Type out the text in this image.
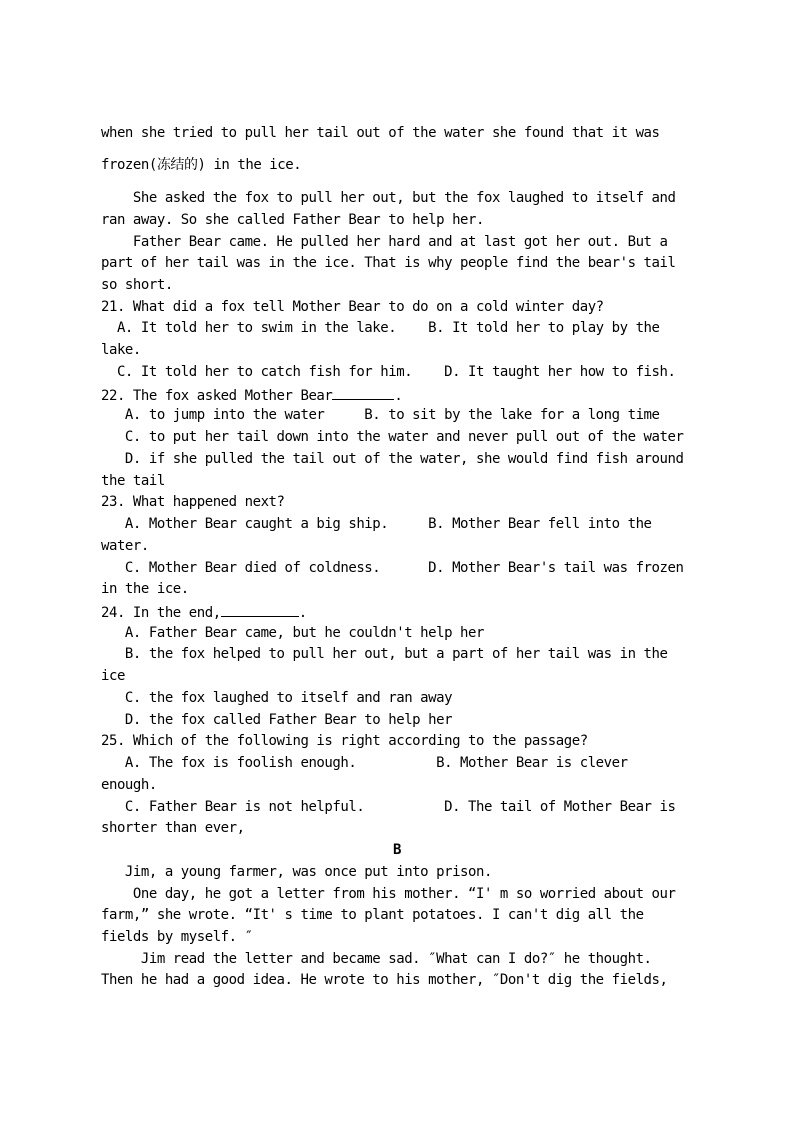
when she tried to pull her tail out of the water she found that it was
frozen(冻结的) in the ice.
She asked the fox to pull her out, but the fox laughed to itself and
ran away. So she called Father Bear to help her.
Father Bear came. He pulled her hard and at last got her out. But a
part of her tail was in the ice. That is why people find the bear's tail
so short.
21. What did a fox tell Mother Bear to do on a cold winter day?
A. It told her to swim in the lake.    B. It told her to play by the
lake.
C. It told her to catch fish for him.    D. It taught her how to fish.
22. The fox asked Mother Bear	.
A. to jump into the water     B. to sit by the lake for a long time
C. to put her tail down into the water and never pull out of the water
D. if she pulled the tail out of the water, she would find fish around
the tail
23. What happened next?
A. Mother Bear caught a big ship.     B. Mother Bear fell into the
water.
C. Mother Bear died of coldness.      D. Mother Bear's tail was frozen
in the ice.
24. In the end,	.
A. Father Bear came, but he couldn't help her
B. the fox helped to pull her out, but a part of her tail was in the
ice
C. the fox laughed to itself and ran away
D. the fox called Father Bear to help her
25. Which of the following is right according to the passage?
A. The fox is foolish enough.          B. Mother Bear is clever
enough.
C. Father Bear is not helpful.          D. The tail of Mother Bear is
shorter than ever,
B
Jim, a young farmer, was once put into prison.
One day, he got a letter from his mother. “I' m so worried about our
farm,” she wrote. “It' s time to plant potatoes. I can't dig all the
fields by myself. ″
Jim read the letter and became sad. ″What can I do?″ he thought.
Then he had a good idea. He wrote to his mother, ″Don't dig the fields,
